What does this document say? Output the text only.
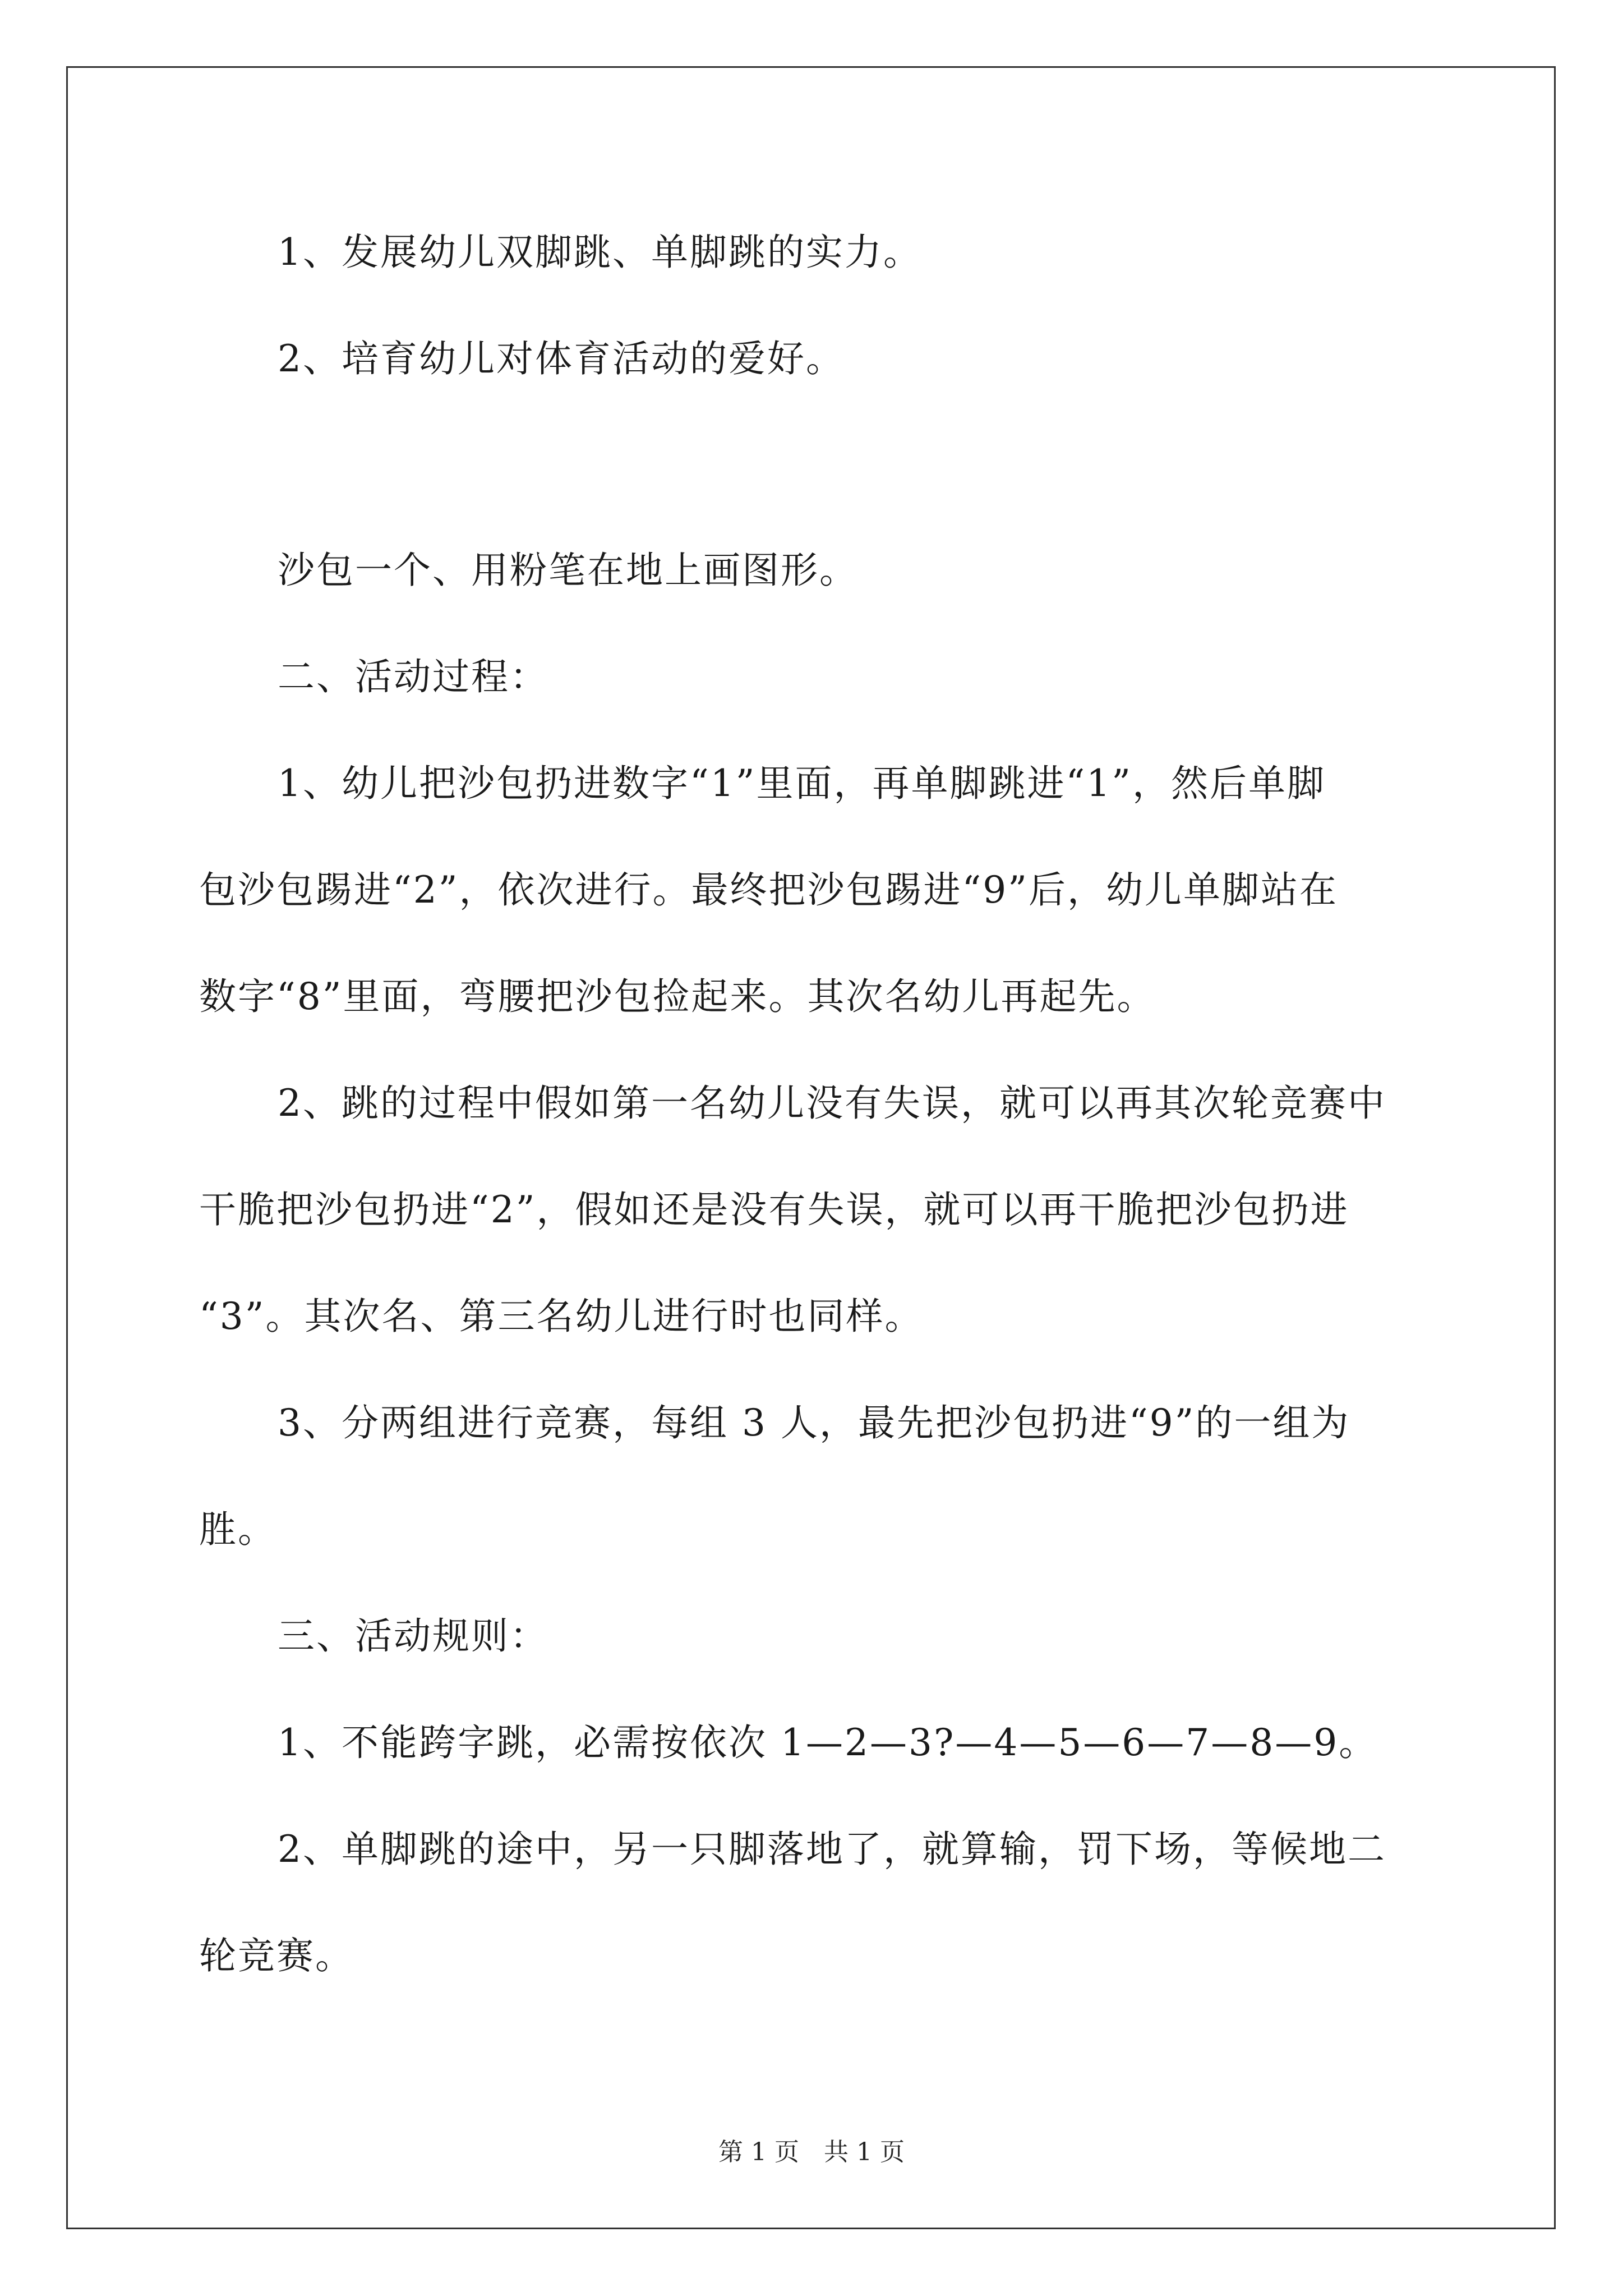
1、发展幼儿双脚跳、单脚跳的实力。
2、培育幼儿对体育活动的爱好。
沙包一个、用粉笔在地上画图形。
二、活动过程：
1、幼儿把沙包扔进数字“1”里面，再单脚跳进“1”，然后单脚
包沙包踢进“2”，依次进行。最终把沙包踢进“9”后，幼儿单脚站在
数字“8”里面，弯腰把沙包捡起来。其次名幼儿再起先。
2、跳的过程中假如第一名幼儿没有失误，就可以再其次轮竞赛中
干脆把沙包扔进“2”，假如还是没有失误，就可以再干脆把沙包扔进
“3”。其次名、第三名幼儿进行时也同样。
3、分两组进行竞赛，每组 3 人，最先把沙包扔进“9”的一组为
胜。
三、活动规则：
1、不能跨字跳，必需按依次 1—2—3?—4—5—6—7—8—9。
2、单脚跳的途中，另一只脚落地了，就算输，罚下场，等候地二
轮竞赛。
第 1 页　共 1 页
